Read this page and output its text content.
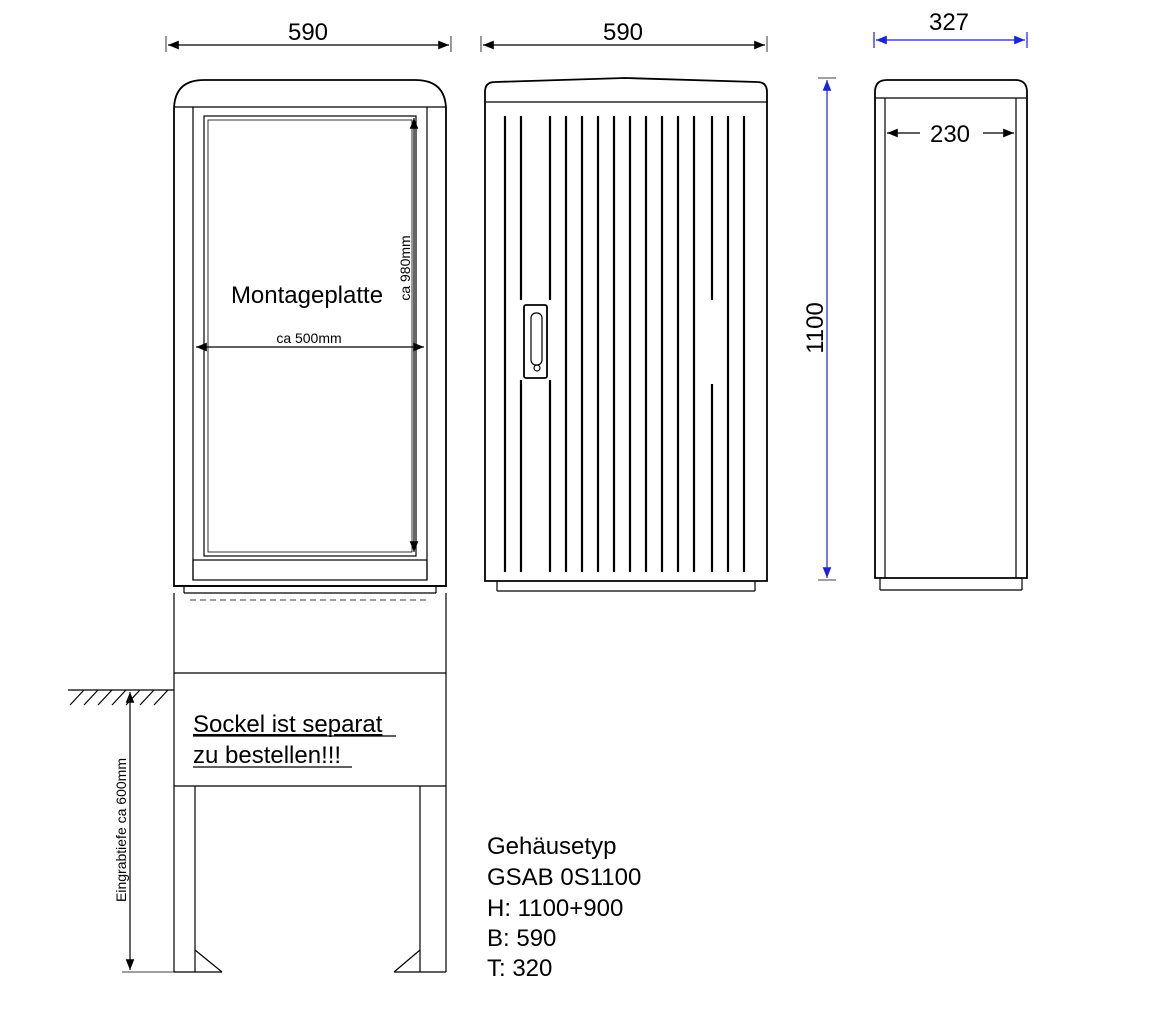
590
ca 980mm
ca 500mm
Montageplatte
Sockel ist separat
zu bestellen!!!
Eingrabtiefe ca 600mm
590	327
230
1100
Gehäusetyp
GSAB 0S1100
H: 1100+900
B: 590
T: 320
